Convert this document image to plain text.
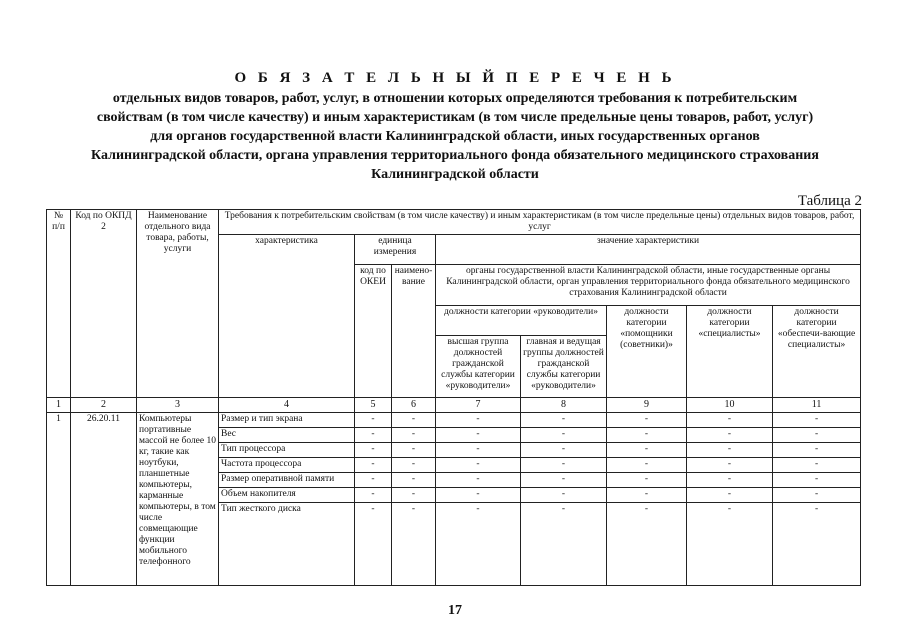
О Б Я З А Т Е Л Ь Н Ы Й П Е Р Е Ч Е Н Ь
отдельных видов товаров, работ, услуг, в отношении которых определяются требования к потребительским
свойствам (в том числе качеству) и иным характеристикам (в том числе предельные цены товаров, работ, услуг)
для органов государственной власти Калининградской области, иных государственных органов
Калининградской области, органа управления территориального фонда обязательного медицинского страхования
Калининградской области
Таблица 2
№ п/п	Код по ОКПД 2	Наименование отдельного вида товара, работы, услуги	Требования к потребительским свойствам (в том числе качеству) и иным характеристикам (в том числе предельные цены) отдельных видов товаров, работ, услуг								
			характеристика	единица измерения		значение характеристики					
				код по ОКЕИ	наимено-вание	органы государственной власти Калининградской области, иные государственные органы Калининградской области, орган управления территориального фонда обязательного медицинского страхования Калининградской области					
						должности категории «руководители»		должности категории «помощники (советники)»	должности категории «специалисты»	должности категории «обеспечи-вающие специалисты»	
						высшая группа должностей гражданской службы категории «руководители»	главная и ведущая группы должностей гражданской службы категории «руководители»				

1	2	3	4	5	6	7	8	9	10	11	
1	26.20.11	Компьютеры портативные массой не более 10 кг, такие как ноутбуки, планшетные компьютеры, карманные компьютеры, в том числе совмещающие функции мобильного телефонного	Размер и тип экрана	-	-	-	-	-	-	-	
			Вес	-	-	-	-	-	-	-	
			Тип процессора	-	-	-	-	-	-	-	
			Частота процессора	-	-	-	-	-	-	-	
			Размер оперативной памяти	-	-	-	-	-	-	-	
			Объем накопителя	-	-	-	-	-	-	-	
			Тип жесткого диска	-	-	-	-	-	-	-	
17
